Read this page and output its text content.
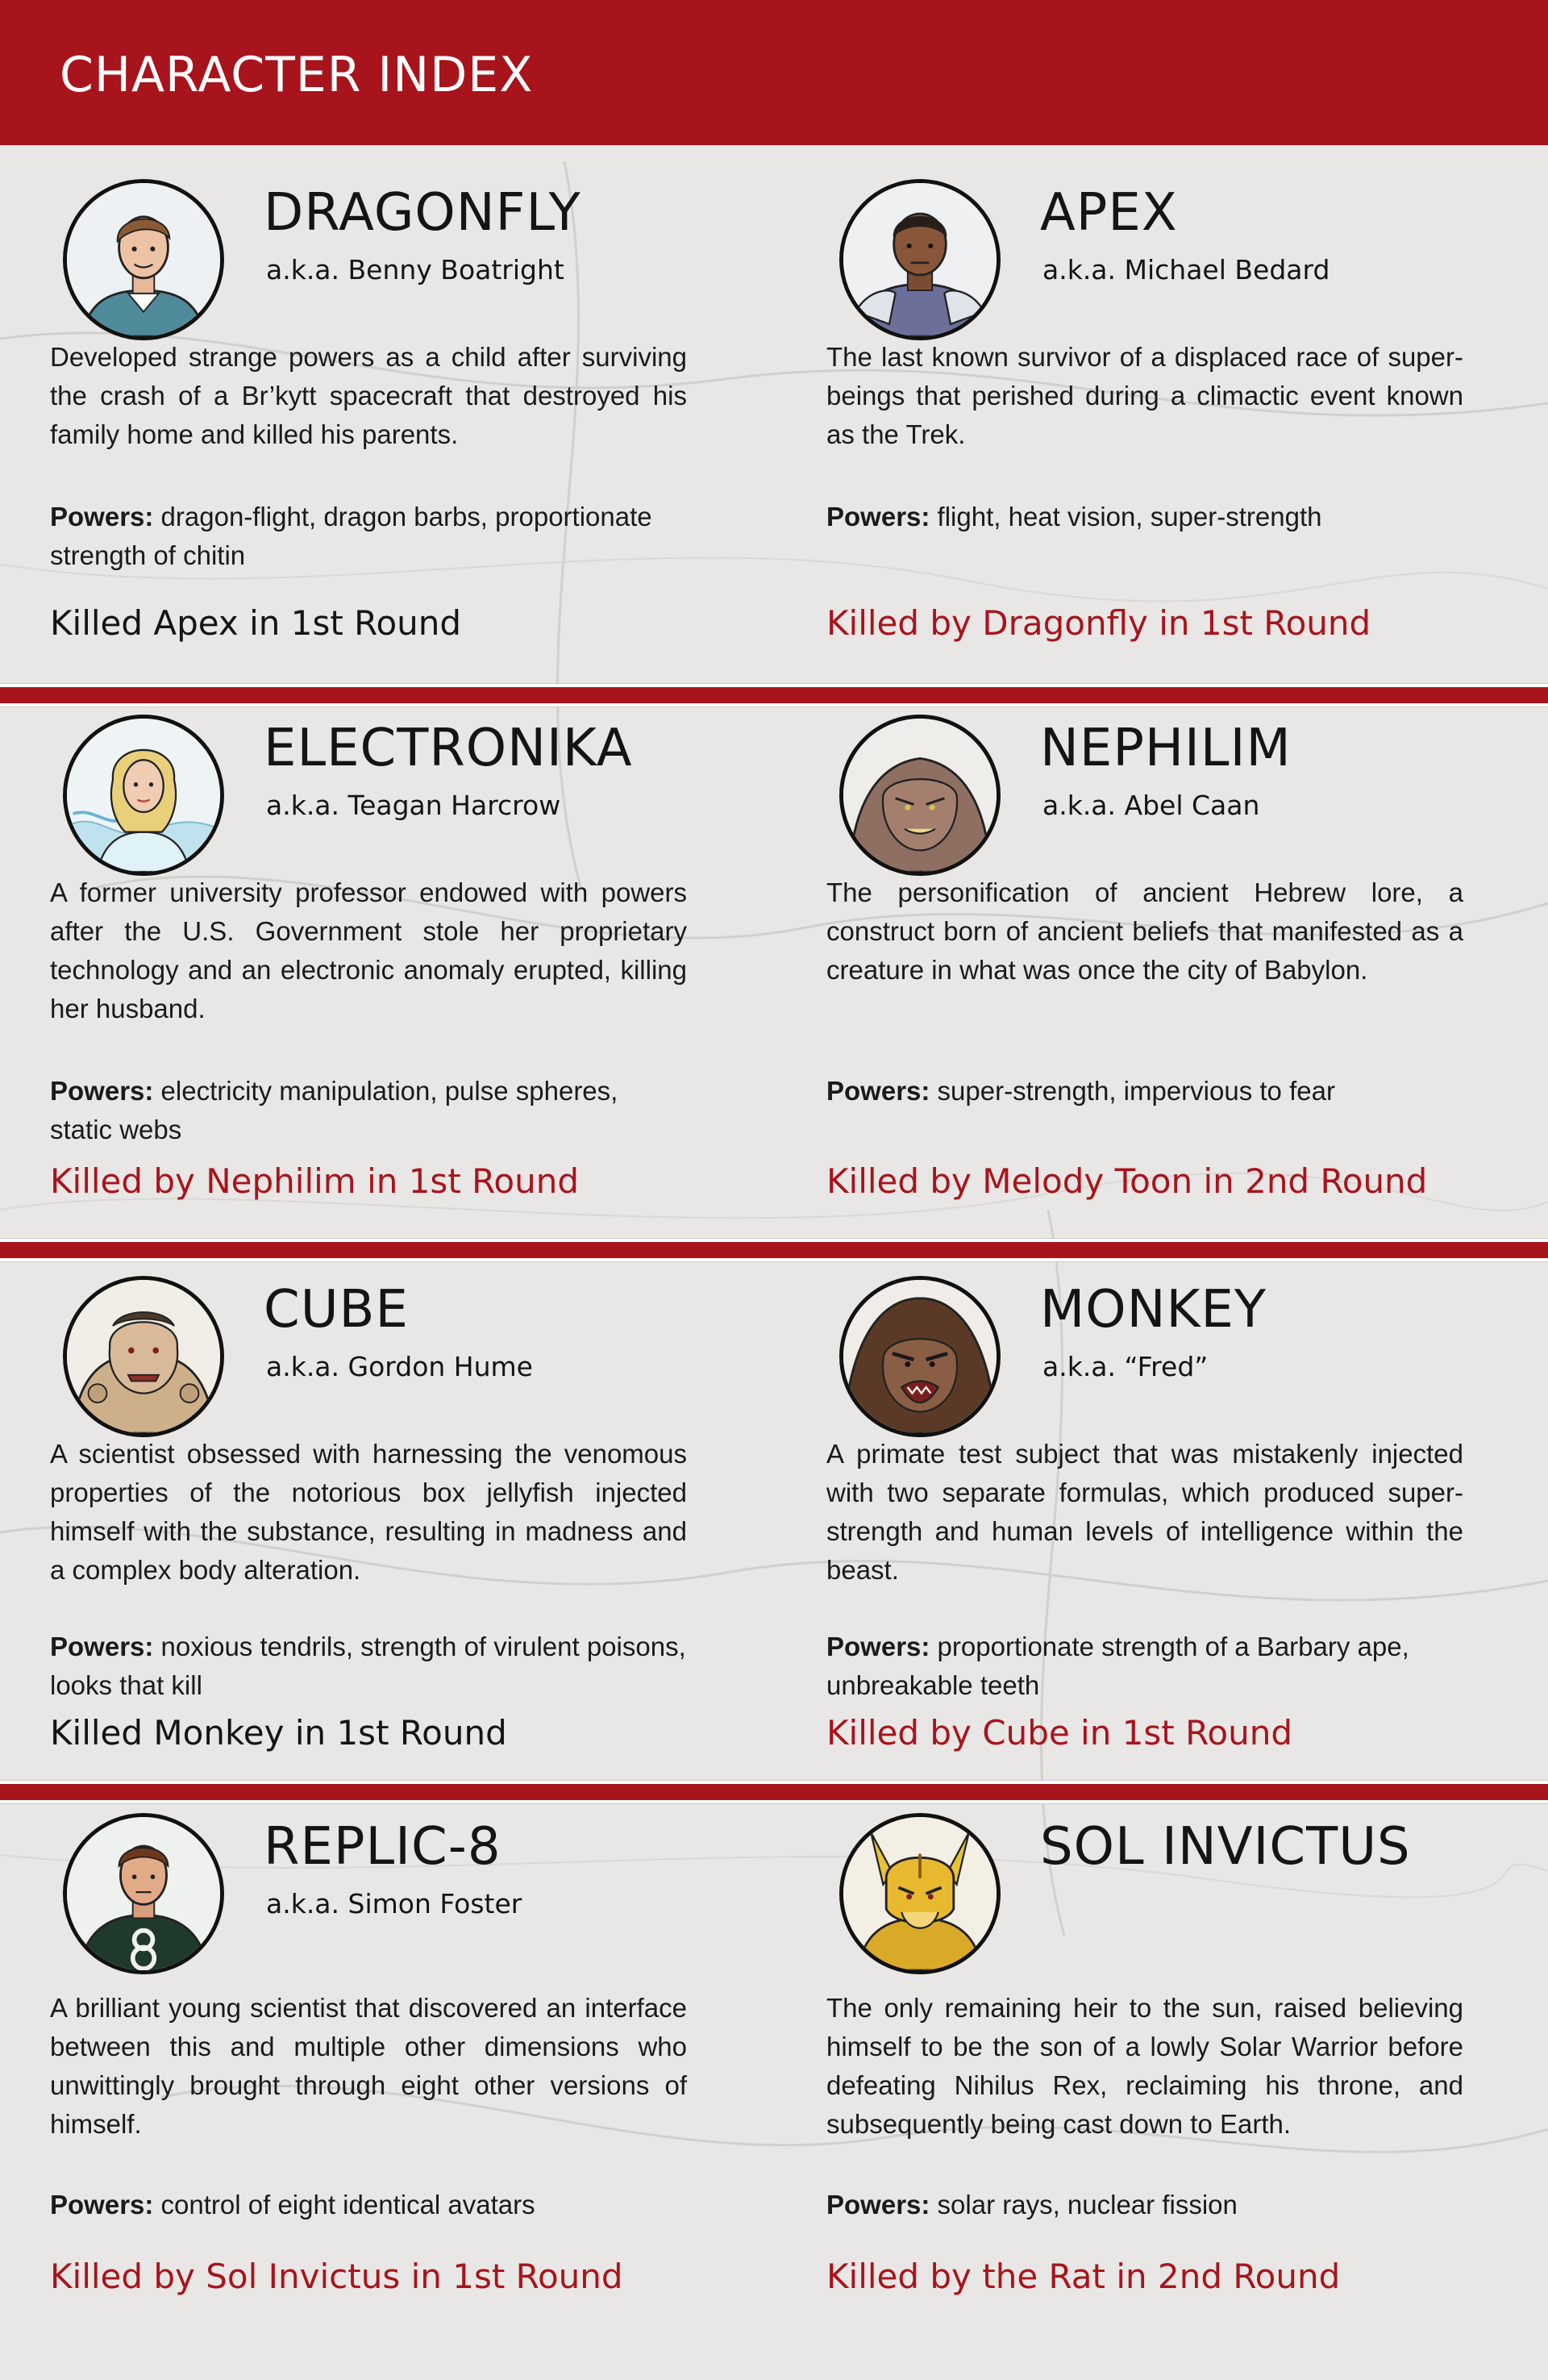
CHARACTER INDEX
DRAGONFLY
a.k.a. Benny Boatright
Developed strange powers as a child after surviving the crash of a Br’kytt spacecraft that destroyed his family home and killed his parents.
Powers: dragon-flight, dragon barbs, proportionate strength of chitin
Killed Apex in 1st Round
APEX
a.k.a. Michael Bedard
The last known survivor of a displaced race of super-beings that perished during a climactic event known as the Trek.
Powers: flight, heat vision, super-strength
Killed by Dragonfly in 1st Round
ELECTRONIKA
a.k.a. Teagan Harcrow
A former university professor endowed with powers after the U.S. Government stole her proprietary technology and an electronic anomaly erupted, killing her husband.
Powers: electricity manipulation, pulse spheres, static webs
Killed by Nephilim in 1st Round
NEPHILIM
a.k.a. Abel Caan
The personification of ancient Hebrew lore, a construct born of ancient beliefs that manifested as a creature in what was once the city of Babylon.
Powers: super-strength, impervious to fear
Killed by Melody Toon in 2nd Round
CUBE
a.k.a. Gordon Hume
A scientist obsessed with harnessing the venomous properties of the notorious box jellyfish injected himself with the substance, resulting in madness and a complex body alteration.
Powers: noxious tendrils, strength of virulent poisons, looks that kill
Killed Monkey in 1st Round
MONKEY
a.k.a. “Fred”
A primate test subject that was mistakenly injected with two separate formulas, which produced super-strength and human levels of intelligence within the beast.
Powers: proportionate strength of a Barbary ape, unbreakable teeth
Killed by Cube in 1st Round
REPLIC-8
a.k.a. Simon Foster
A brilliant young scientist that discovered an interface between this and multiple other dimensions who unwittingly brought through eight other versions of himself.
Powers: control of eight identical avatars
Killed by Sol Invictus in 1st Round
SOL INVICTUS
The only remaining heir to the sun, raised believing himself to be the son of a lowly Solar Warrior before defeating Nihilus Rex, reclaiming his throne, and subsequently being cast down to Earth.
Powers: solar rays, nuclear fission
Killed by the Rat in 2nd Round
